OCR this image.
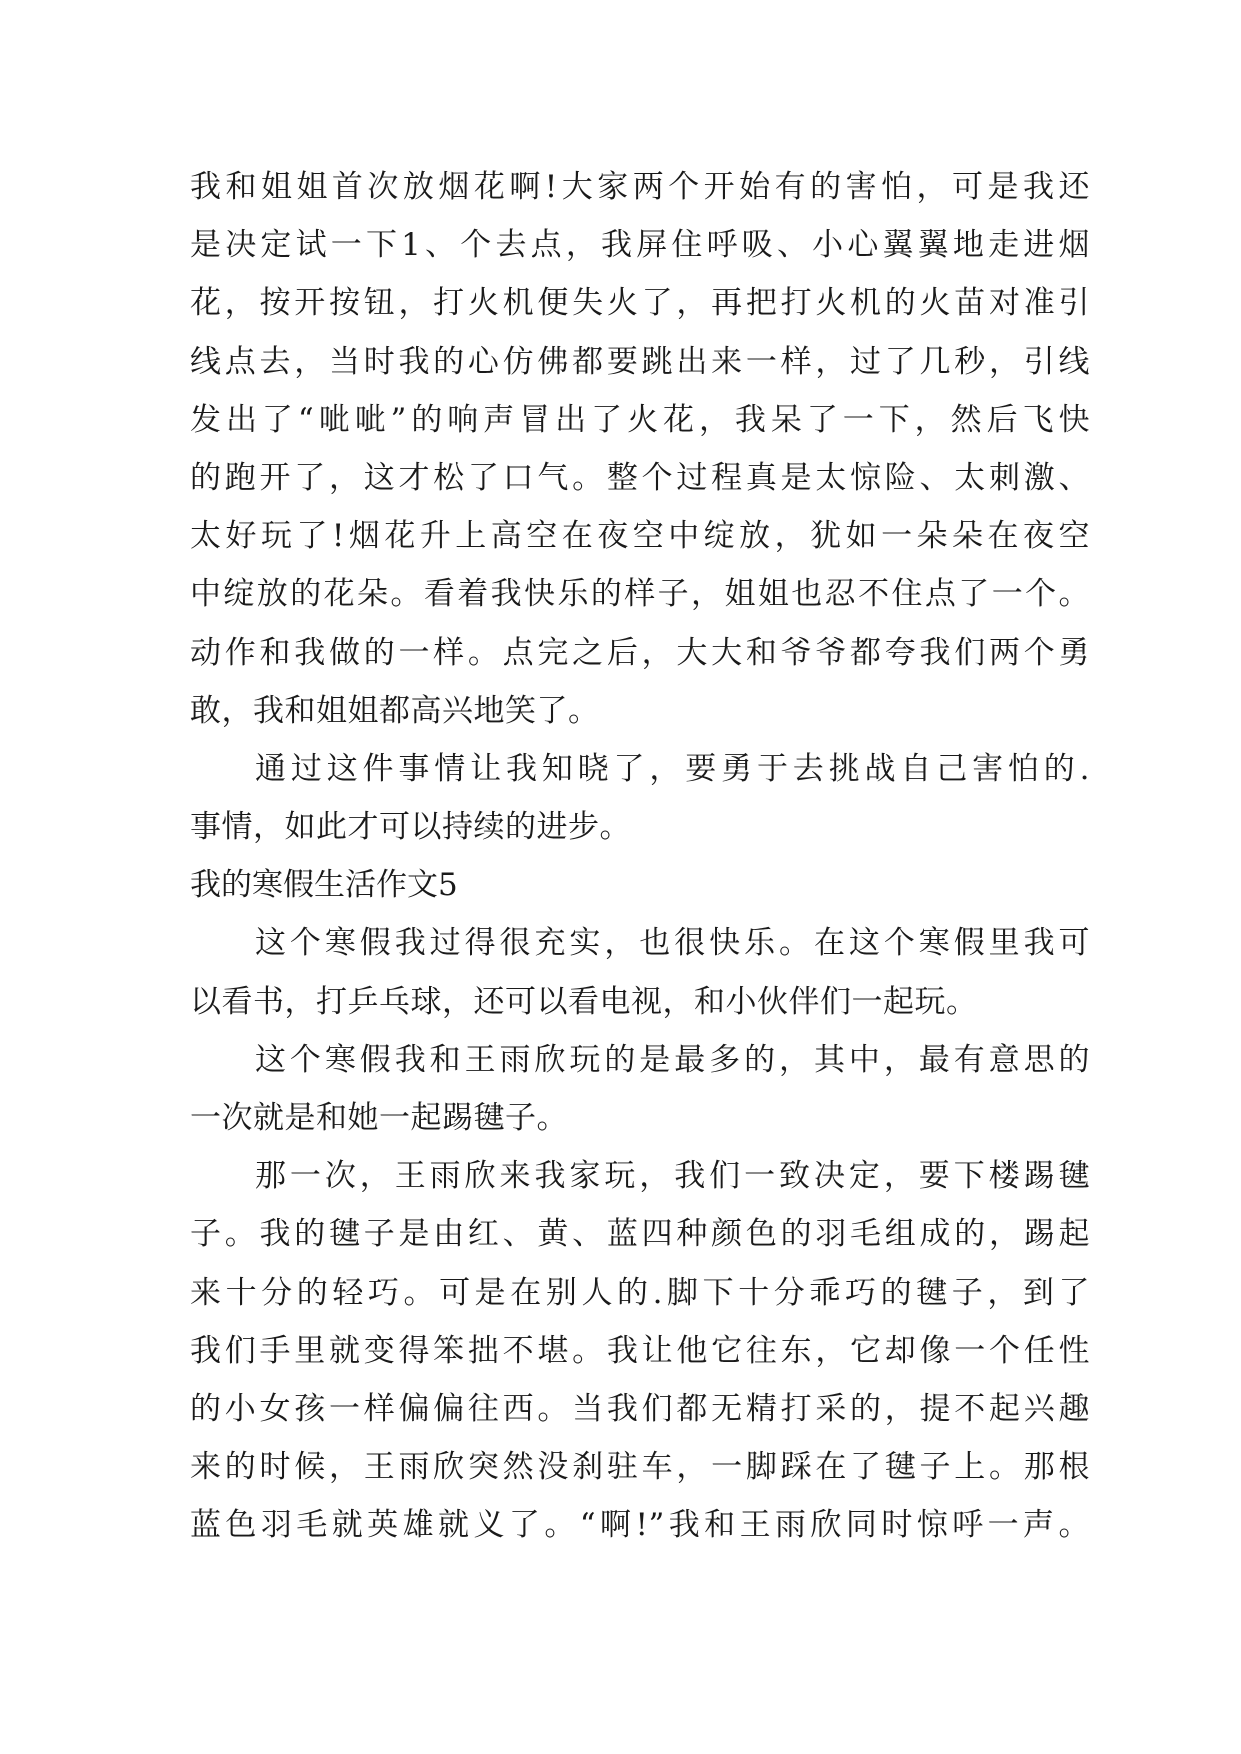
我和姐姐首次放烟花啊!大家两个开始有的害怕，可是我还
是决定试一下1、个去点，我屏住呼吸、小心翼翼地走进烟
花，按开按钮，打火机便失火了，再把打火机的火苗对准引
线点去，当时我的心仿佛都要跳出来一样，过了几秒，引线
发出了“呲呲”的响声冒出了火花，我呆了一下，然后飞快
的跑开了，这才松了口气。整个过程真是太惊险、太刺激、
太好玩了!烟花升上高空在夜空中绽放，犹如一朵朵在夜空
中绽放的花朵。看着我快乐的样子，姐姐也忍不住点了一个。
动作和我做的一样。点完之后，大大和爷爷都夸我们两个勇
敢，我和姐姐都高兴地笑了。
通过这件事情让我知晓了，要勇于去挑战自己害怕的.
事情，如此才可以持续的进步。
我的寒假生活作文5
这个寒假我过得很充实，也很快乐。在这个寒假里我可
以看书，打乒乓球，还可以看电视，和小伙伴们一起玩。
这个寒假我和王雨欣玩的是最多的，其中，最有意思的
一次就是和她一起踢毽子。
那一次，王雨欣来我家玩，我们一致决定，要下楼踢毽
子。我的毽子是由红、黄、蓝四种颜色的羽毛组成的，踢起
来十分的轻巧。可是在别人的.脚下十分乖巧的毽子，到了
我们手里就变得笨拙不堪。我让他它往东，它却像一个任性
的小女孩一样偏偏往西。当我们都无精打采的，提不起兴趣
来的时候，王雨欣突然没刹驻车，一脚踩在了毽子上。那根
蓝色羽毛就英雄就义了。“啊!”我和王雨欣同时惊呼一声。
